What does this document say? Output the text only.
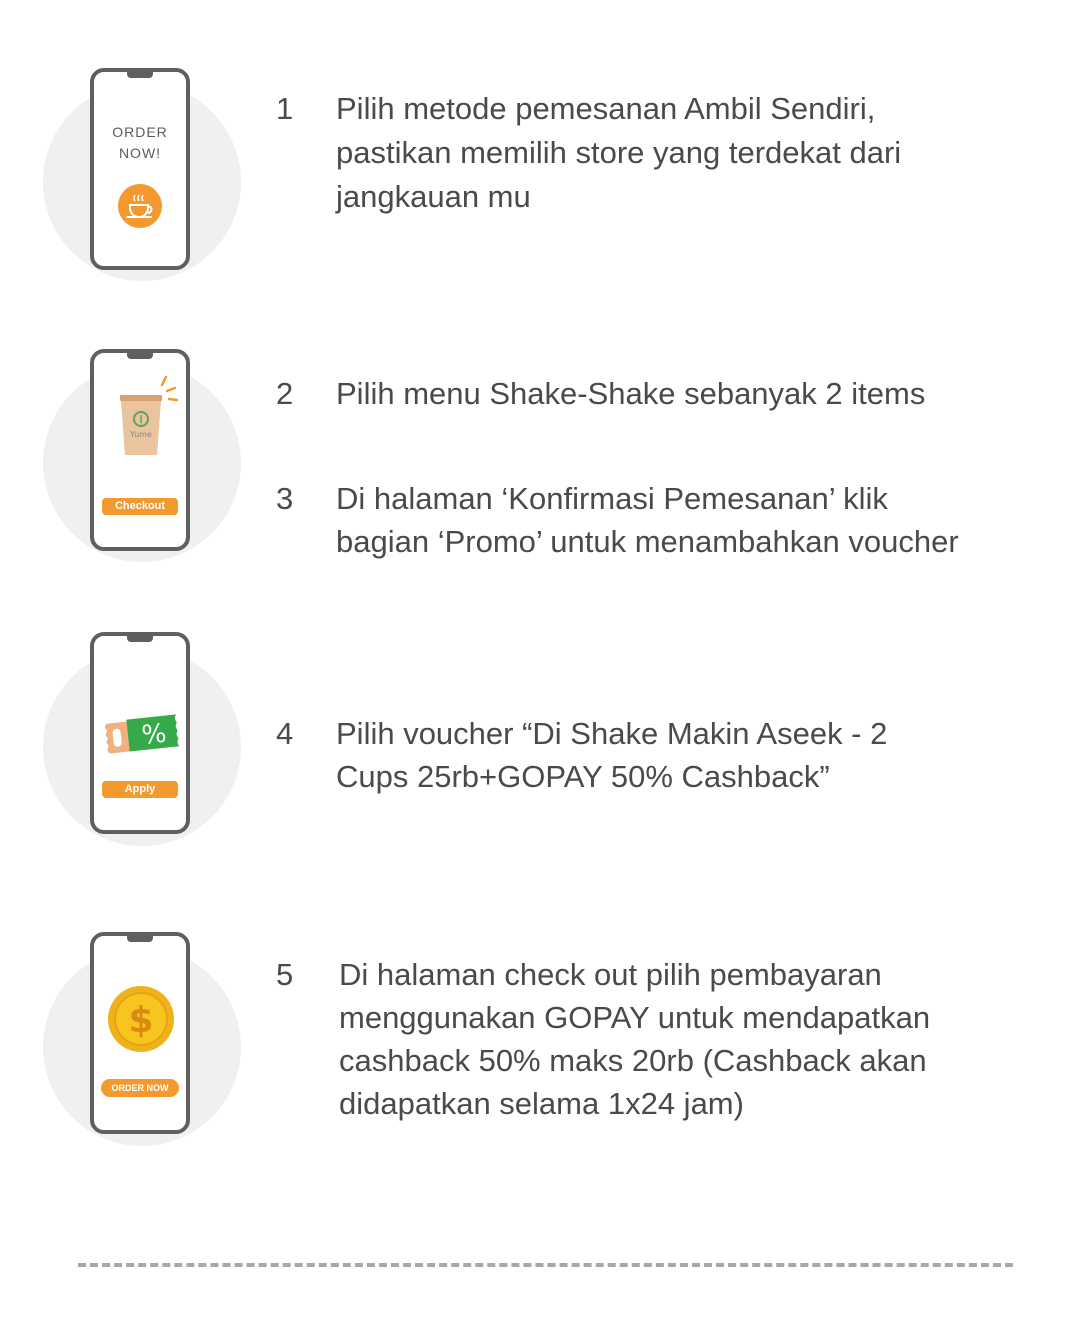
ORDER
NOW!
1 Pilih metode pemesanan Ambil Sendiri,

pastikan memilih store yang terdekat dari

jangkauan mu

Yume
Checkout
2 Pilih menu Shake-Shake sebanyak 2 items

3 Di halaman ‘Konfirmasi Pemesanan’ klik

bagian ‘Promo’ untuk menambahkan voucher

%
Apply
4 Pilih voucher “Di Shake Makin Aseek - 2

Cups 25rb+GOPAY 50% Cashback”

$
ORDER NOW
5 Di halaman check out pilih pembayaran

menggunakan GOPAY untuk mendapatkan

cashback 50% maks 20rb (Cashback akan

didapatkan selama 1x24 jam)
